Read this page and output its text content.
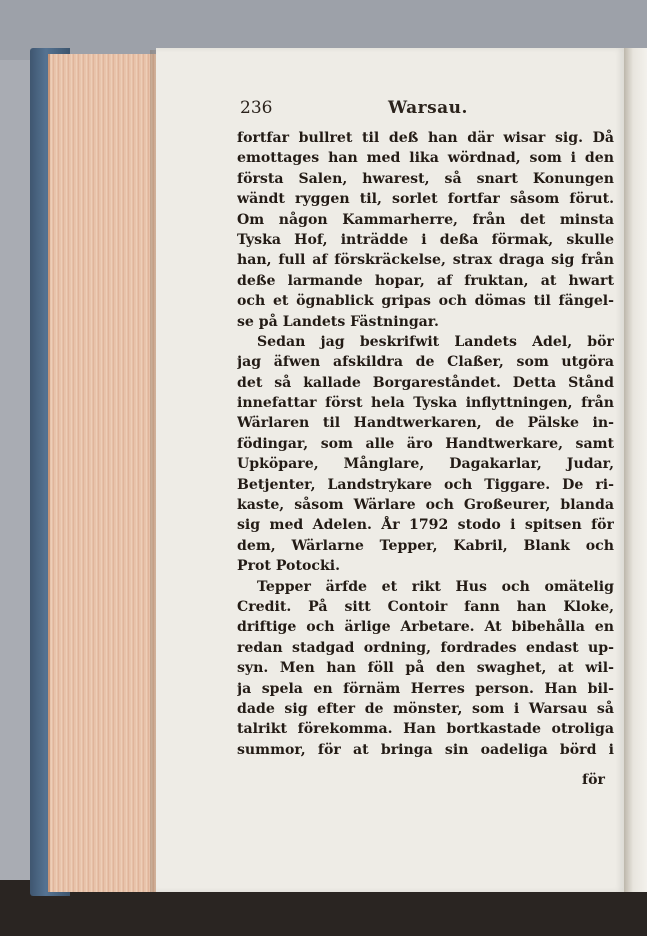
236	Warsau.
fortfar bullret til deß han där wisar sig. Då
emottages han med lika wördnad, som i den
första Salen, hwarest, så snart Konungen
wändt ryggen til, sorlet fortfar såsom förut.
Om någon Kammarherre, från det minsta
Tyska Hof, inträdde i deßa förmak, skulle
han, full af förskräckelse, strax draga sig från
deße larmande hopar, af fruktan, at hwart
och et ögnablick gripas och dömas til fängel-
se på Landets Fästningar.
Sedan jag beskrifwit Landets Adel, bör
jag äfwen afskildra de Claßer, som utgöra
det så kallade Borgareståndet. Detta Stånd
innefattar först hela Tyska inflyttningen, från
Wärlaren til Handtwerkaren, de Pälske in-
födingar, som alle äro Handtwerkare, samt
Upköpare, Månglare, Dagakarlar, Judar,
Betjenter, Landstrykare och Tiggare. De ri-
kaste, såsom Wärlare och Großeurer, blanda
sig med Adelen. År 1792 stodo i spitsen för
dem, Wärlarne Tepper, Kabril, Blank och
Prot Potocki.
Tepper ärfde et rikt Hus och omätelig
Credit. På sitt Contoir fann han Kloke,
driftige och ärlige Arbetare. At bibehålla en
redan stadgad ordning, fordrades endast up-
syn. Men han föll på den swaghet, at wil-
ja spela en förnäm Herres person. Han bil-
dade sig efter de mönster, som i Warsau så
talrikt förekomma. Han bortkastade otroliga
summor, för at bringa sin oadeliga börd i
för
